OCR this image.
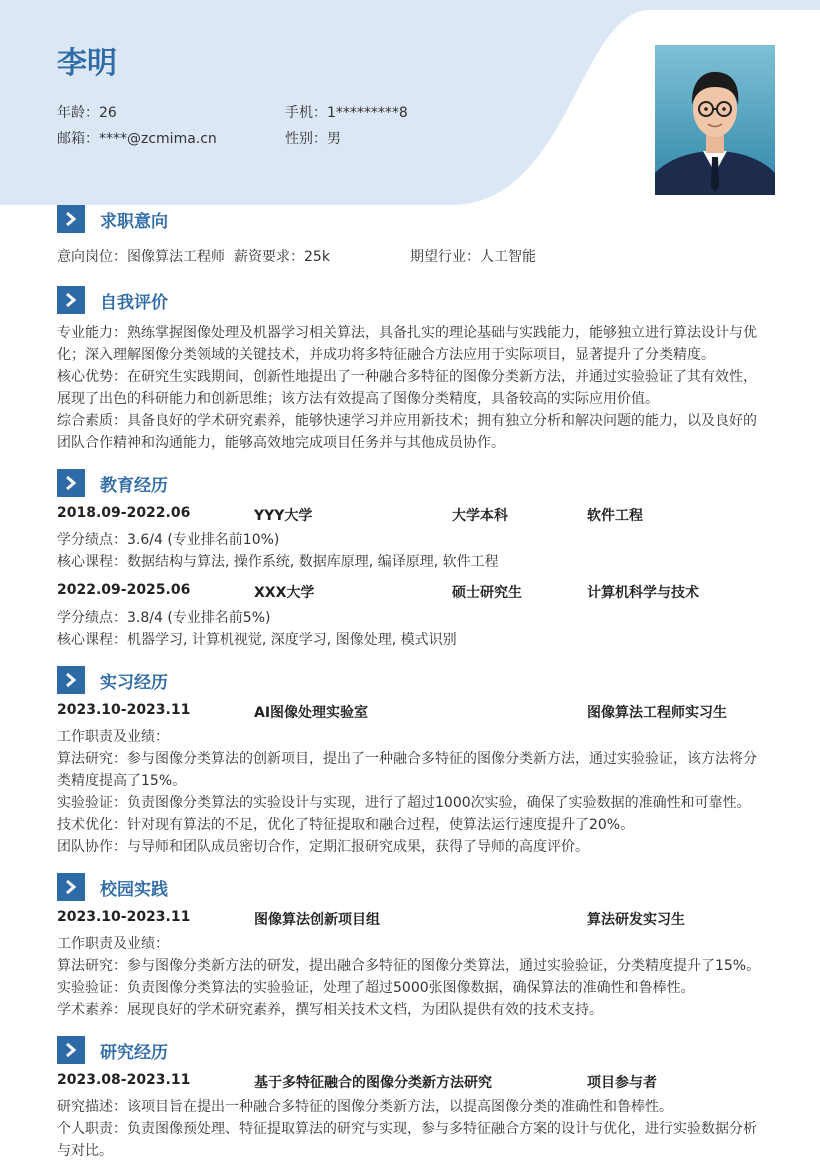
李明
年龄：26	手机：1*********8
邮箱：****@zcmima.cn	性别：男
求职意向
意向岗位：图像算法工程师 薪资要求：25k	期望行业：人工智能
自我评价
专业能力：熟练掌握图像处理及机器学习相关算法，具备扎实的理论基础与实践能力，能够独立进行算法设计与优化；深入理解图像分类领域的关键技术，并成功将多特征融合方法应用于实际项目，显著提升了分类精度。
核心优势：在研究生实践期间，创新性地提出了一种融合多特征的图像分类新方法，并通过实验验证了其有效性，展现了出色的科研能力和创新思维；该方法有效提高了图像分类精度，具备较高的实际应用价值。
综合素质：具备良好的学术研究素养，能够快速学习并应用新技术；拥有独立分析和解决问题的能力，以及良好的团队合作精神和沟通能力，能够高效地完成项目任务并与其他成员协作。
教育经历
2018.09-2022.06	YYY大学	大学本科	软件工程
学分绩点：3.6/4 (专业排名前10%)
核心课程：数据结构与算法, 操作系统, 数据库原理, 编译原理, 软件工程
2022.09-2025.06	XXX大学	硕士研究生	计算机科学与技术
学分绩点：3.8/4 (专业排名前5%)
核心课程：机器学习, 计算机视觉, 深度学习, 图像处理, 模式识别
实习经历
2023.10-2023.11	AI图像处理实验室	图像算法工程师实习生
工作职责及业绩：
算法研究：参与图像分类算法的创新项目，提出了一种融合多特征的图像分类新方法，通过实验验证，该方法将分类精度提高了15%。
实验验证：负责图像分类算法的实验设计与实现，进行了超过1000次实验，确保了实验数据的准确性和可靠性。
技术优化：针对现有算法的不足，优化了特征提取和融合过程，使算法运行速度提升了20%。
团队协作：与导师和团队成员密切合作，定期汇报研究成果，获得了导师的高度评价。
校园实践
2023.10-2023.11	图像算法创新项目组	算法研发实习生
工作职责及业绩：
算法研究：参与图像分类新方法的研发，提出融合多特征的图像分类算法，通过实验验证，分类精度提升了15%。
实验验证：负责图像分类算法的实验验证，处理了超过5000张图像数据，确保算法的准确性和鲁棒性。
学术素养：展现良好的学术研究素养，撰写相关技术文档，为团队提供有效的技术支持。
研究经历
2023.08-2023.11	基于多特征融合的图像分类新方法研究	项目参与者
研究描述：该项目旨在提出一种融合多特征的图像分类新方法，以提高图像分类的准确性和鲁棒性。
个人职责：负责图像预处理、特征提取算法的研究与实现，参与多特征融合方案的设计与优化，进行实验数据分析与对比。
